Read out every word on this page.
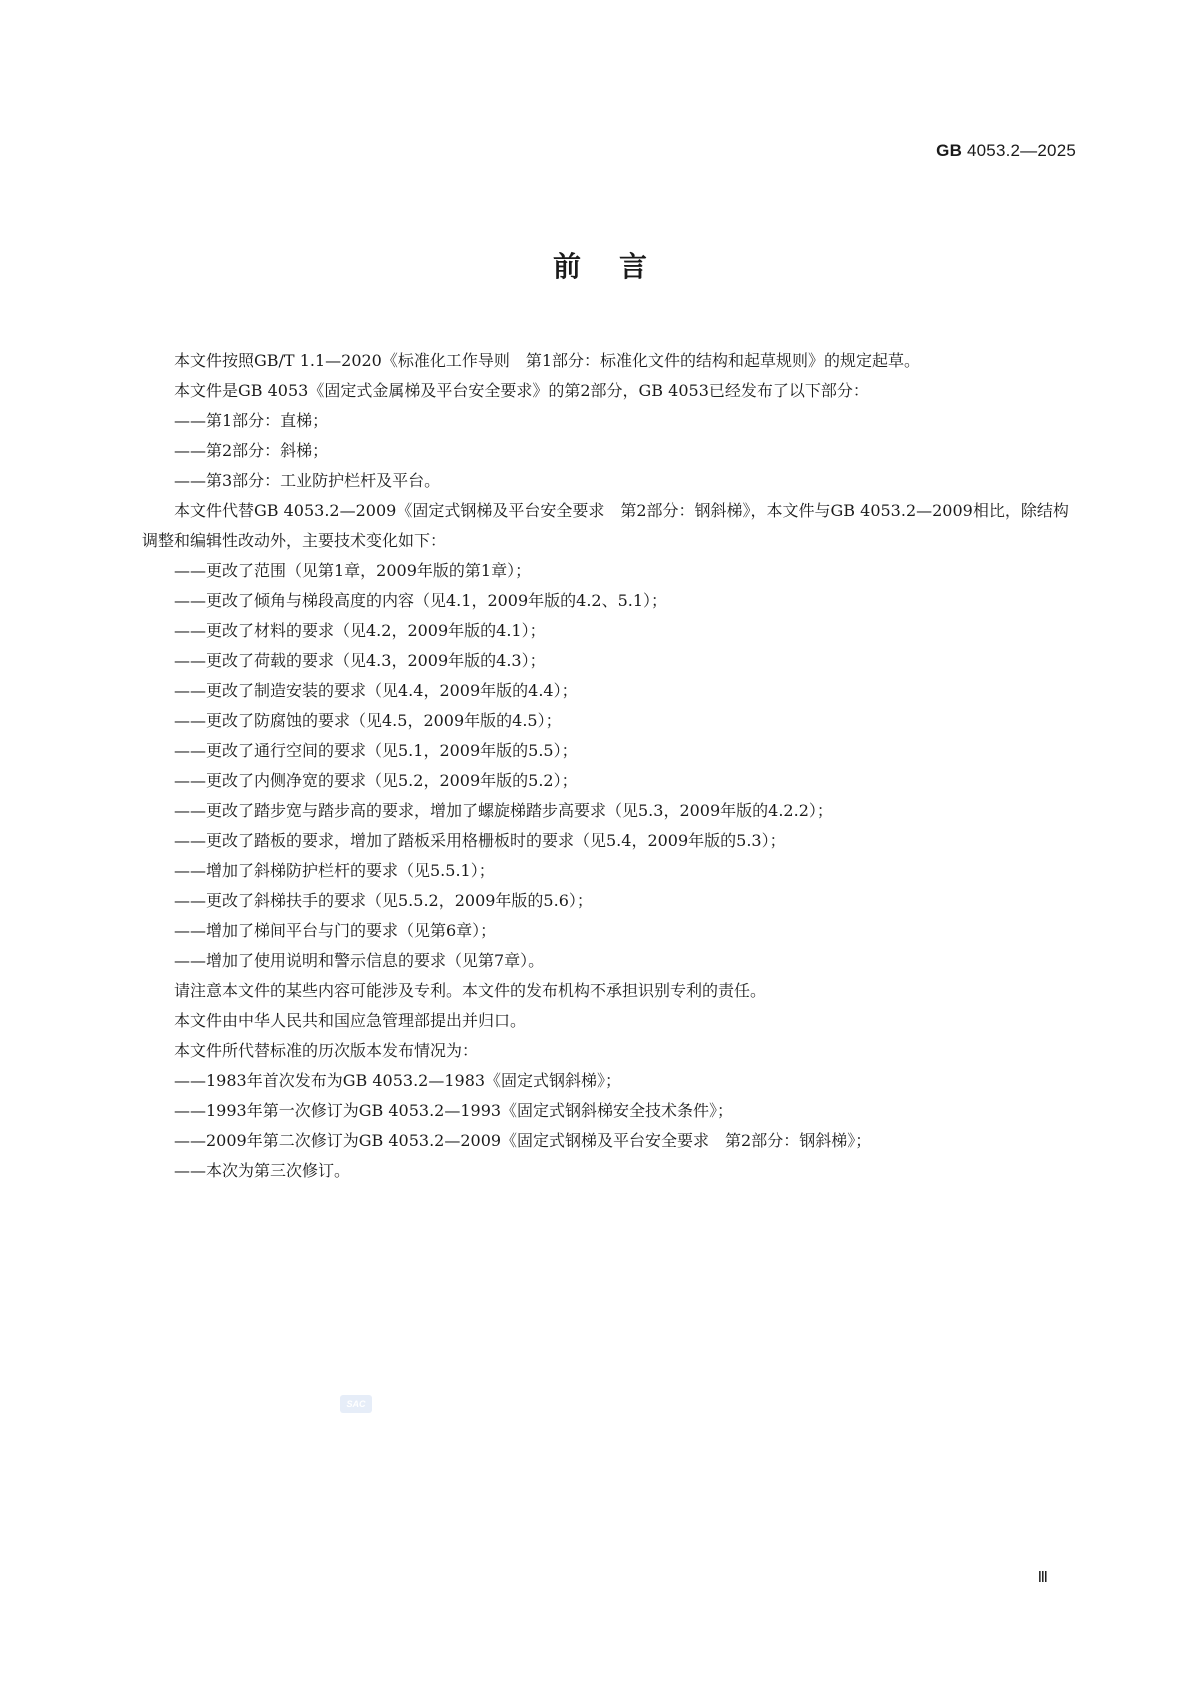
GB 4053.2—2025
前言

本文件按照GB/T 1.1—2020《标准化工作导则　第1部分：标准化文件的结构和起草规则》的规定起草。

本文件是GB 4053《固定式金属梯及平台安全要求》的第2部分，GB 4053已经发布了以下部分：

——第1部分：直梯；

——第2部分：斜梯；

——第3部分：工业防护栏杆及平台。

本文件代替GB 4053.2—2009《固定式钢梯及平台安全要求　第2部分：钢斜梯》，本文件与GB 4053.2—2009相比，除结构调整和编辑性改动外，主要技术变化如下：

——更改了范围（见第1章，2009年版的第1章）；

——更改了倾角与梯段高度的内容（见4.1，2009年版的4.2、5.1）；

——更改了材料的要求（见4.2，2009年版的4.1）；

——更改了荷载的要求（见4.3，2009年版的4.3）；

——更改了制造安装的要求（见4.4，2009年版的4.4）；

——更改了防腐蚀的要求（见4.5，2009年版的4.5）；

——更改了通行空间的要求（见5.1，2009年版的5.5）；

——更改了内侧净宽的要求（见5.2，2009年版的5.2）；

——更改了踏步宽与踏步高的要求，增加了螺旋梯踏步高要求（见5.3，2009年版的4.2.2）；

——更改了踏板的要求，增加了踏板采用格栅板时的要求（见5.4，2009年版的5.3）；

——增加了斜梯防护栏杆的要求（见5.5.1）；

——更改了斜梯扶手的要求（见5.5.2，2009年版的5.6）；

——增加了梯间平台与门的要求（见第6章）；

——增加了使用说明和警示信息的要求（见第7章）。

请注意本文件的某些内容可能涉及专利。本文件的发布机构不承担识别专利的责任。

本文件由中华人民共和国应急管理部提出并归口。

本文件所代替标准的历次版本发布情况为：

——1983年首次发布为GB 4053.2—1983《固定式钢斜梯》；

——1993年第一次修订为GB 4053.2—1993《固定式钢斜梯安全技术条件》；

——2009年第二次修订为GB 4053.2—2009《固定式钢梯及平台安全要求　第2部分：钢斜梯》；

——本次为第三次修订。

SAC
Ⅲ
